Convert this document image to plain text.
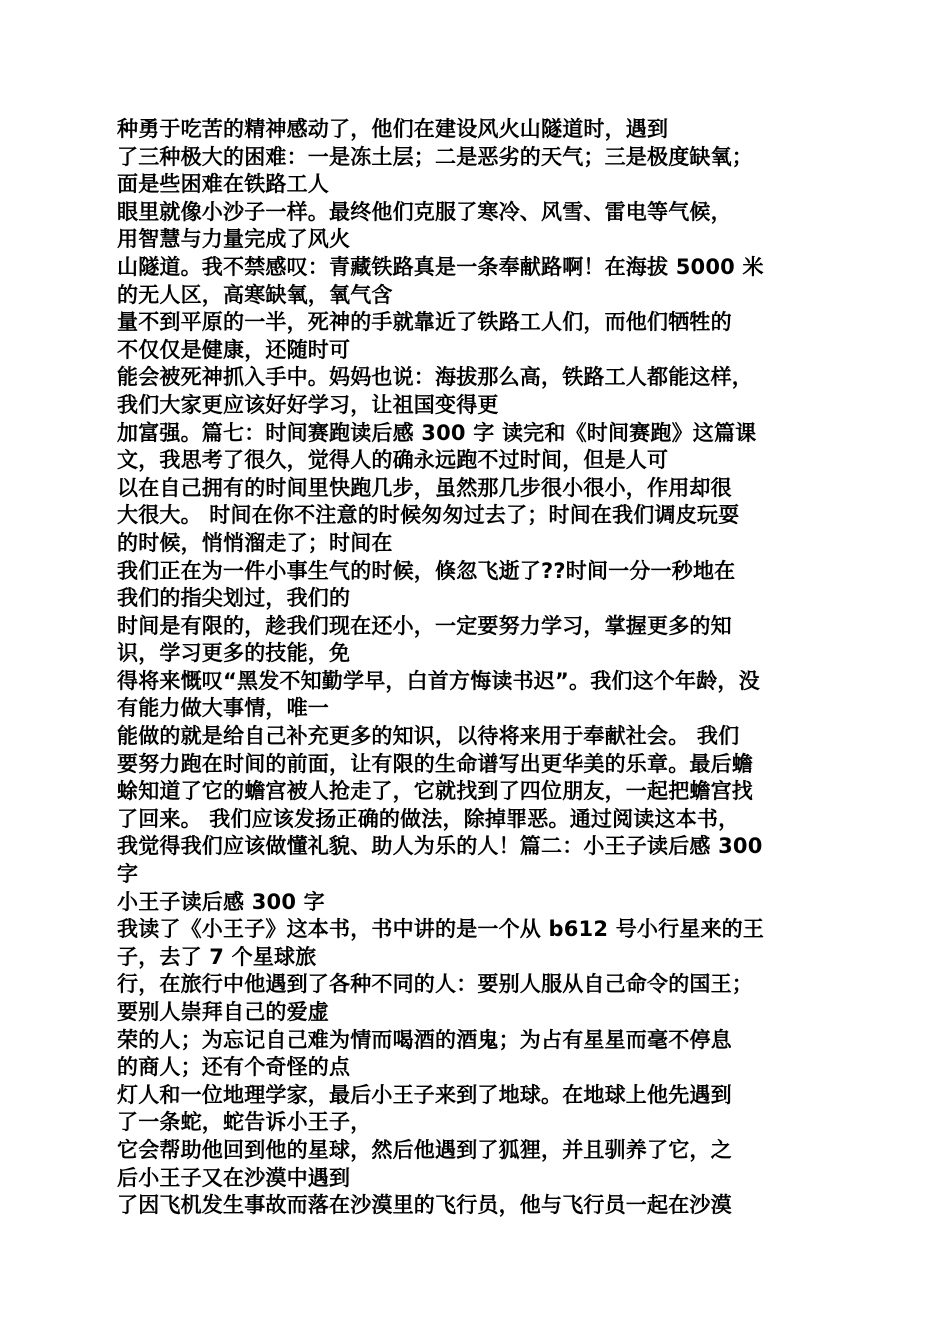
种勇于吃苦的精神感动了，他们在建设风火山隧道时，遇到
了三种极大的困难：一是冻土层；二是恶劣的天气；三是极度缺氧；
面是些困难在铁路工人
眼里就像小沙子一样。最终他们克服了寒冷、风雪、雷电等气候，
用智慧与力量完成了风火
山隧道。我不禁感叹：青藏铁路真是一条奉献路啊！在海拔 5000 米
的无人区，高寒缺氧，氧气含
量不到平原的一半，死神的手就靠近了铁路工人们，而他们牺牲的
不仅仅是健康，还随时可
能会被死神抓入手中。妈妈也说：海拔那么高，铁路工人都能这样，
我们大家更应该好好学习，让祖国变得更
加富强。篇七：时间赛跑读后感 300 字 读完和《时间赛跑》这篇课
文，我思考了很久，觉得人的确永远跑不过时间，但是人可
以在自己拥有的时间里快跑几步，虽然那几步很小很小，作用却很
大很大。 时间在你不注意的时候匆匆过去了；时间在我们调皮玩耍
的时候，悄悄溜走了；时间在
我们正在为一件小事生气的时候，倏忽飞逝了??时间一分一秒地在
我们的指尖划过，我们的
时间是有限的，趁我们现在还小，一定要努力学习，掌握更多的知
识，学习更多的技能，免
得将来慨叹“黑发不知勤学早，白首方悔读书迟”。我们这个年龄，没
有能力做大事情，唯一
能做的就是给自己补充更多的知识，以待将来用于奉献社会。 我们
要努力跑在时间的前面，让有限的生命谱写出更华美的乐章。最后蟾
蜍知道了它的蟾宫被人抢走了，它就找到了四位朋友，一起把蟾宫找
了回来。 我们应该发扬正确的做法，除掉罪恶。通过阅读这本书，
我觉得我们应该做懂礼貌、助人为乐的人！篇二：小王子读后感 300
字
小王子读后感 300 字
我读了《小王子》这本书，书中讲的是一个从 b612 号小行星来的王
子，去了 7 个星球旅
行，在旅行中他遇到了各种不同的人：要别人服从自己命令的国王；
要别人崇拜自己的爱虚
荣的人；为忘记自己难为情而喝酒的酒鬼；为占有星星而毫不停息
的商人；还有个奇怪的点
灯人和一位地理学家，最后小王子来到了地球。在地球上他先遇到
了一条蛇，蛇告诉小王子，
它会帮助他回到他的星球，然后他遇到了狐狸，并且驯养了它，之
后小王子又在沙漠中遇到
了因飞机发生事故而落在沙漠里的飞行员，他与飞行员一起在沙漠
